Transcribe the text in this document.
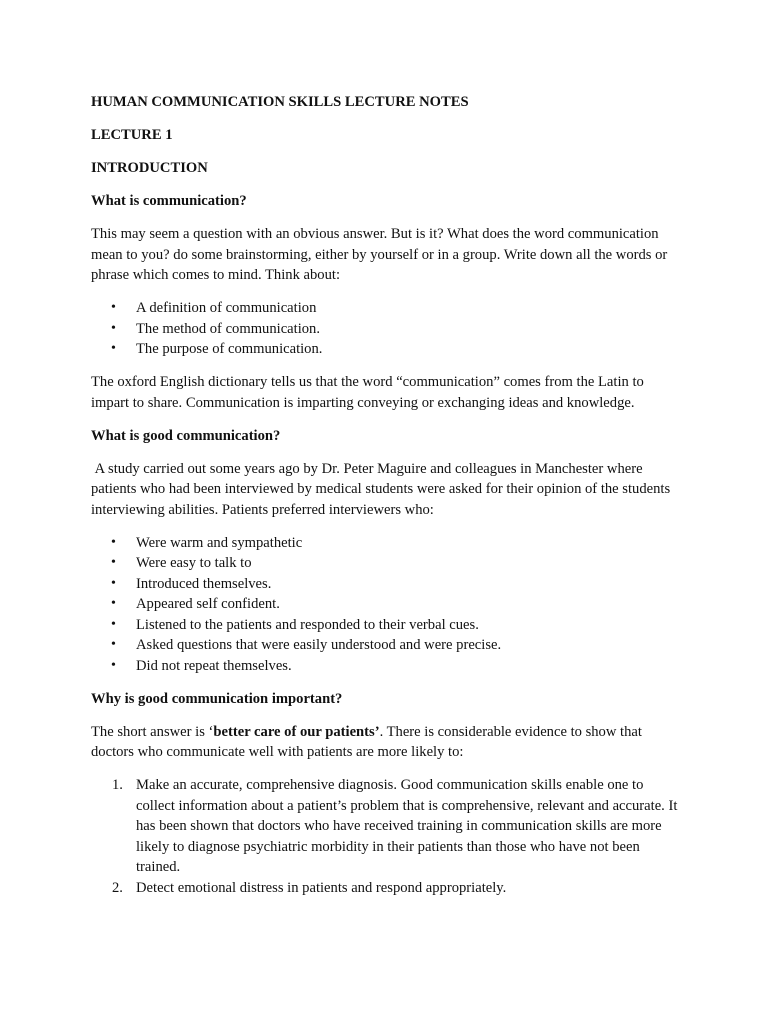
HUMAN COMMUNICATION SKILLS LECTURE NOTES

LECTURE 1

INTRODUCTION

What is communication?

This may seem a question with an obvious answer. But is it? What does the word communication mean to you? do some brainstorming, either by yourself or in a group. Write down all the words or phrase which comes to mind. Think about:

•	A definition of communication
•	The method of communication.
•	The purpose of communication.

The oxford English dictionary tells us that the word “communication” comes from the Latin to impart to share. Communication is imparting conveying or exchanging ideas and knowledge.

What is good communication?

A study carried out some years ago by Dr. Peter Maguire and colleagues in Manchester where patients who had been interviewed by medical students were asked for their opinion of the students interviewing abilities. Patients preferred interviewers who:

•	Were warm and sympathetic
•	Were easy to talk to
•	Introduced themselves.
•	Appeared self confident.
•	Listened to the patients and responded to their verbal cues.
•	Asked questions that were easily understood and were precise.
•	Did not repeat themselves.

Why is good communication important?

The short answer is ‘better care of our patients’. There is considerable evidence to show that doctors who communicate well with patients are more likely to:

1. Make an accurate, comprehensive diagnosis. Good communication skills enable one to collect information about a patient’s problem that is comprehensive, relevant and accurate. It has been shown that doctors who have received training in communication skills are more likely to diagnose psychiatric morbidity in their patients than those who have not been trained.
2. Detect emotional distress in patients and respond appropriately.
